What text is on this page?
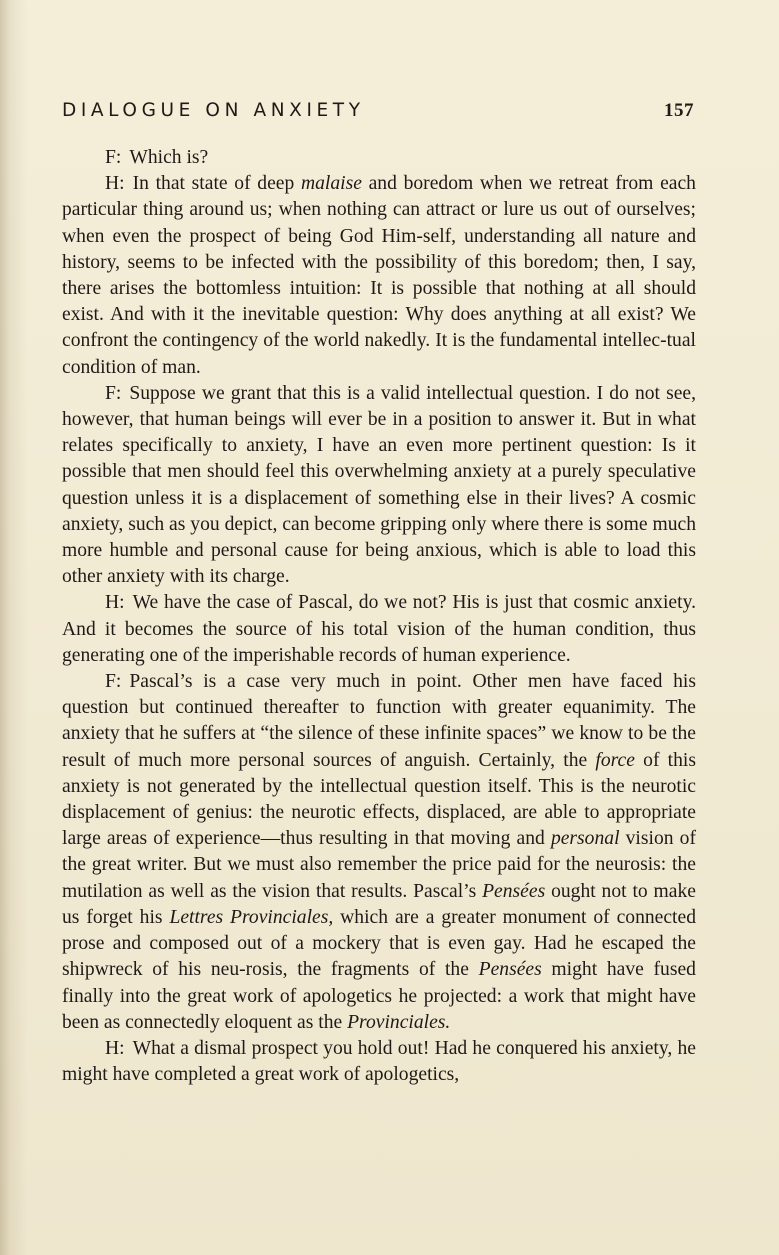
DIALOGUE ON ANXIETY	157

F: Which is?

H: In that state of deep malaise and boredom when we retreat from each particular thing around us; when nothing can attract or lure us out of ourselves; when even the prospect of being God Him-self, understanding all nature and history, seems to be infected with the possibility of this boredom; then, I say, there arises the bottomless intuition: It is possible that nothing at all should exist. And with it the inevitable question: Why does anything at all exist? We confront the contingency of the world nakedly. It is the fundamental intellec-tual condition of man.

F: Suppose we grant that this is a valid intellectual question. I do not see, however, that human beings will ever be in a position to answer it. But in what relates specifically to anxiety, I have an even more pertinent question: Is it possible that men should feel this overwhelming anxiety at a purely speculative question unless it is a displacement of something else in their lives? A cosmic anxiety, such as you depict, can become gripping only where there is some much more humble and personal cause for being anxious, which is able to load this other anxiety with its charge.

H: We have the case of Pascal, do we not? His is just that cosmic anxiety. And it becomes the source of his total vision of the human condition, thus generating one of the imperishable records of human experience.

F: Pascal’s is a case very much in point. Other men have faced his question but continued thereafter to function with greater equanimity. The anxiety that he suffers at “the silence of these infinite spaces” we know to be the result of much more personal sources of anguish. Certainly, the force of this anxiety is not generated by the intellectual question itself. This is the neurotic displacement of genius: the neurotic effects, displaced, are able to appropriate large areas of experience—thus resulting in that moving and personal vision of the great writer. But we must also remember the price paid for the neurosis: the mutilation as well as the vision that results. Pascal’s Pensées ought not to make us forget his Lettres Provinciales, which are a greater monument of connected prose and composed out of a mockery that is even gay. Had he escaped the shipwreck of his neu-rosis, the fragments of the Pensées might have fused finally into the great work of apologetics he projected: a work that might have been as connectedly eloquent as the Provinciales.

H: What a dismal prospect you hold out! Had he conquered his anxiety, he might have completed a great work of apologetics,
